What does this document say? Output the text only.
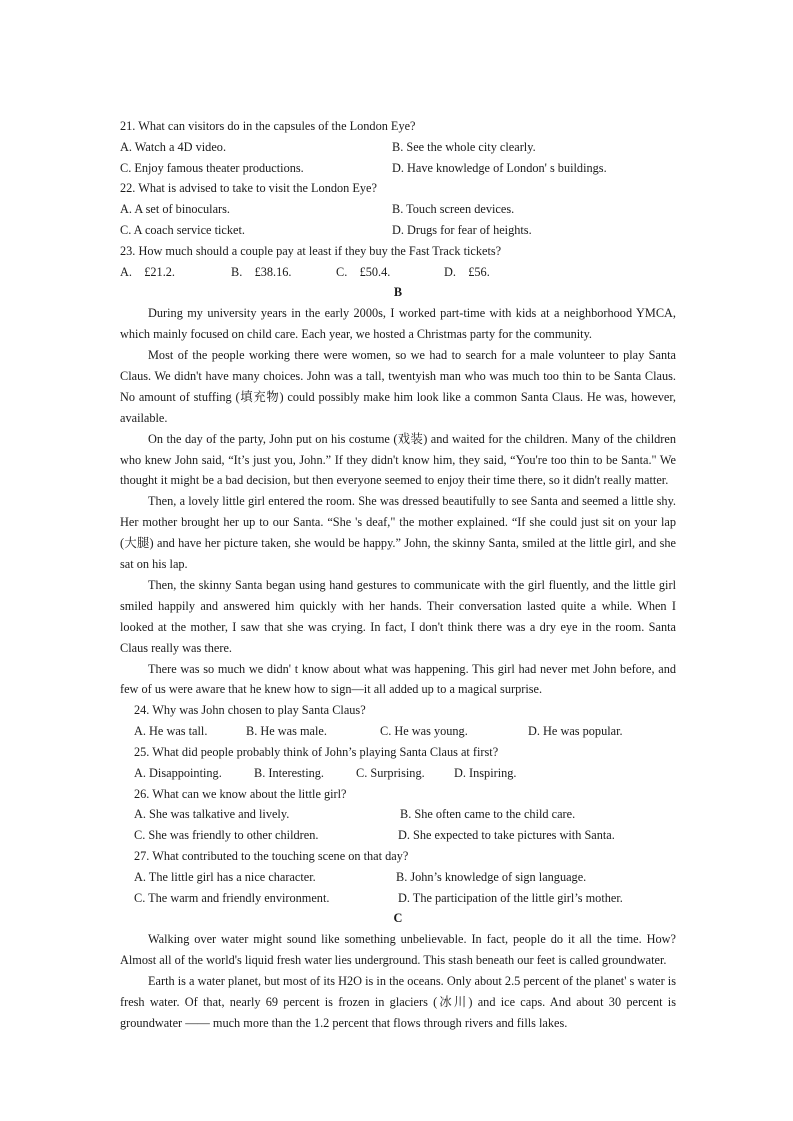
21. What can visitors do in the capsules of the London Eye?
A. Watch a 4D video.	B. See the whole city clearly.
C. Enjoy famous theater productions.	D. Have knowledge of London' s buildings.
22. What is advised to take to visit the London Eye?
A. A set of binoculars.	B. Touch screen devices.
C. A coach service ticket.	D. Drugs for fear of heights.
23. How much should a couple pay at least if they buy the Fast Track tickets?

A.    £21.2.

	B.    £38.16.

	C.    £50.4.

	D.    £56.

B

During my university years in the early 2000s, I worked part-time with kids at a neighborhood YMCA, which mainly focused on child care. Each year, we hosted a Christmas party for the community.

Most of the people working there were women, so we had to search for a male volunteer to play Santa Claus. We didn't have many choices. John was a tall, twentyish man who was much too thin to be Santa Claus. No amount of stuffing (填充物) could possibly make him look like a common Santa Claus. He was, however, available.

On the day of the party, John put on his costume (戏装) and waited for the children. Many of the children who knew John said, “It’s just you, John.” If they didn't know him, they said, “You're too thin to be Santa." We thought it might be a bad decision, but then everyone seemed to enjoy their time there, so it didn't really matter.

Then, a lovely little girl entered the room. She was dressed beautifully to see Santa and seemed a little shy. Her mother brought her up to our Santa. “She 's deaf," the mother explained. “If she could just sit on your lap (大腿) and have her picture taken, she would be happy.” John, the skinny Santa, smiled at the little girl, and she sat on his lap.

Then, the skinny Santa began using hand gestures to communicate with the girl fluently, and the little girl smiled happily and answered him quickly with her hands. Their conversation lasted quite a while. When I looked at the mother, I saw that she was crying. In fact, I don't think there was a dry eye in the room. Santa Claus really was there.

There was so much we didn' t know about what was happening. This girl had never met John before, and few of us were aware that he knew how to sign—it all added up to a magical surprise.

24. Why was John chosen to play Santa Claus?
A. He was tall.	B. He was male.	C. He was young.	D. He was popular.
25. What did people probably think of John’s playing Santa Claus at first?
A. Disappointing.	B. Interesting.	C. Surprising. D. Inspiring.
26. What can we know about the little girl?
A. She was talkative and lively.	B. She often came to the child care.
C. She was friendly to other children.	D. She expected to take pictures with Santa.
27. What contributed to the touching scene on that day?
A. The little girl has a nice character.	B. John’s knowledge of sign language.
C. The warm and friendly environment.	D. The participation of the little girl’s mother.
C

Walking over water might sound like something unbelievable. In fact, people do it all the time. How? Almost all of the world's liquid fresh water lies underground. This stash beneath our feet is called groundwater.

Earth is a water planet, but most of its H2O is in the oceans. Only about 2.5 percent of the planet' s water is fresh water. Of that, nearly 69 percent is frozen in glaciers (冰川) and ice caps. And about 30 percent is groundwater —— much more than the 1.2 percent that flows through rivers and fills lakes.
